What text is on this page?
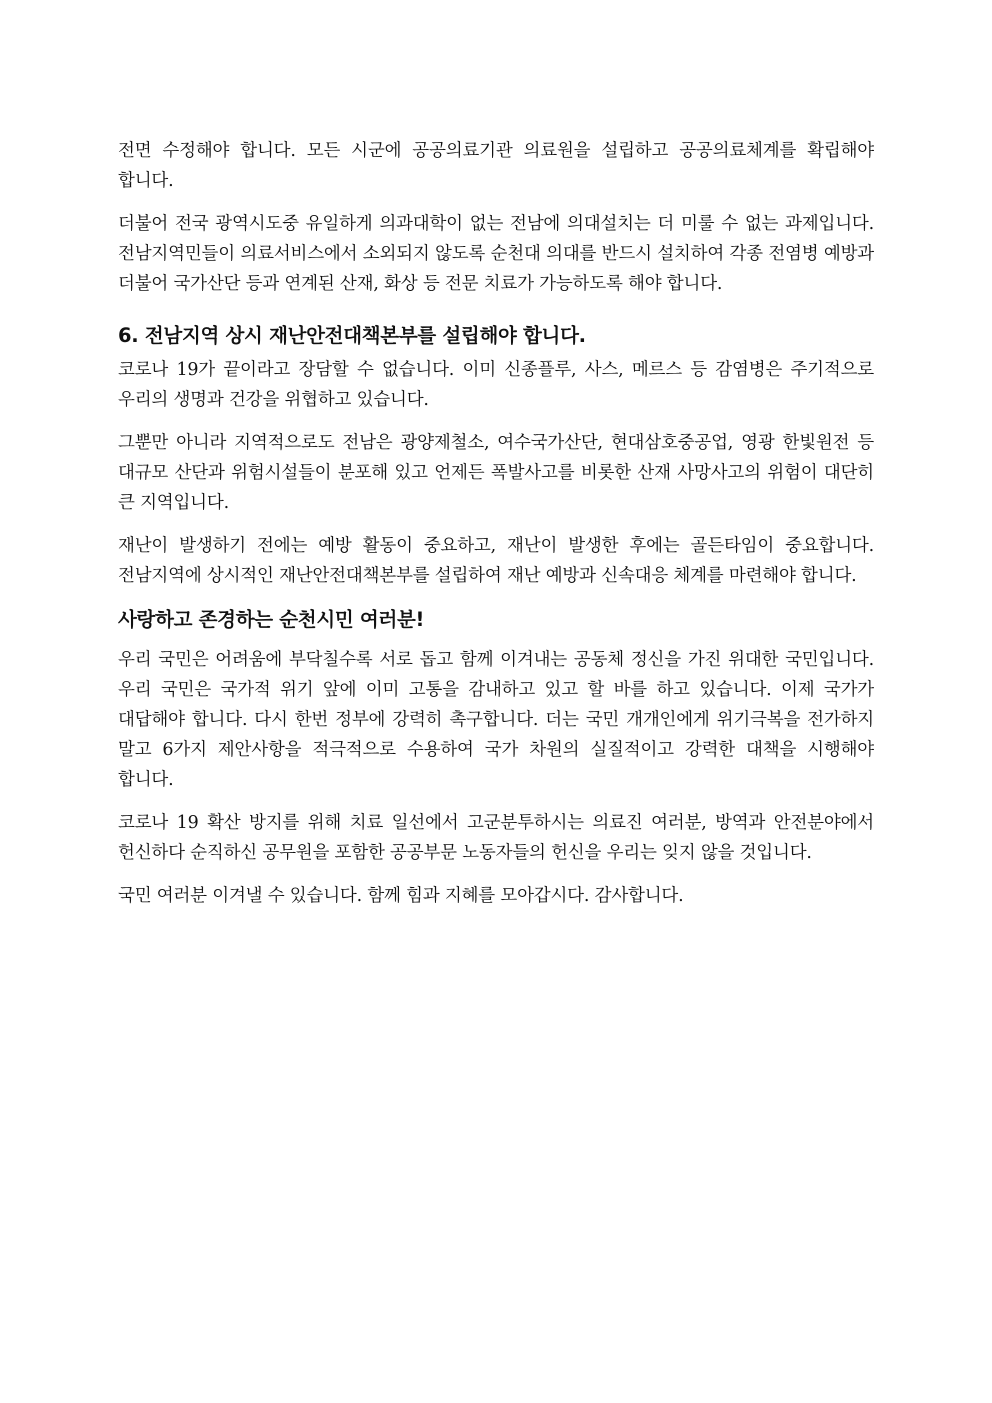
전면 수정해야 합니다. 모든 시군에 공공의료기관 의료원을 설립하고 공공의료체계를 확립해야 합니다.

더불어 전국 광역시도중 유일하게 의과대학이 없는 전남에 의대설치는 더 미룰 수 없는 과제입니다. 전남지역민들이 의료서비스에서 소외되지 않도록 순천대 의대를 반드시 설치하여 각종 전염병 예방과 더불어 국가산단 등과 연계된 산재, 화상 등 전문 치료가 가능하도록 해야 합니다.

6. 전남지역 상시 재난안전대책본부를 설립해야 합니다.

코로나 19가 끝이라고 장담할 수 없습니다. 이미 신종플루, 사스, 메르스 등 감염병은 주기적으로 우리의 생명과 건강을 위협하고 있습니다.

그뿐만 아니라 지역적으로도 전남은 광양제철소, 여수국가산단, 현대삼호중공업, 영광 한빛원전 등 대규모 산단과 위험시설들이 분포해 있고 언제든 폭발사고를 비롯한 산재 사망사고의 위험이 대단히 큰 지역입니다.

재난이 발생하기 전에는 예방 활동이 중요하고, 재난이 발생한 후에는 골든타임이 중요합니다. 전남지역에 상시적인 재난안전대책본부를 설립하여 재난 예방과 신속대응 체계를 마련해야 합니다.

사랑하고 존경하는 순천시민 여러분!

우리 국민은 어려움에 부닥칠수록 서로 돕고 함께 이겨내는 공동체 정신을 가진 위대한 국민입니다. 우리 국민은 국가적 위기 앞에 이미 고통을 감내하고 있고 할 바를 하고 있습니다. 이제 국가가 대답해야 합니다. 다시 한번 정부에 강력히 촉구합니다. 더는 국민 개개인에게 위기극복을 전가하지 말고 6가지 제안사항을 적극적으로 수용하여 국가 차원의 실질적이고 강력한 대책을 시행해야 합니다.

코로나 19 확산 방지를 위해 치료 일선에서 고군분투하시는 의료진 여러분, 방역과 안전분야에서 헌신하다 순직하신 공무원을 포함한 공공부문 노동자들의 헌신을 우리는 잊지 않을 것입니다.

국민 여러분 이겨낼 수 있습니다. 함께 힘과 지혜를 모아갑시다. 감사합니다.
